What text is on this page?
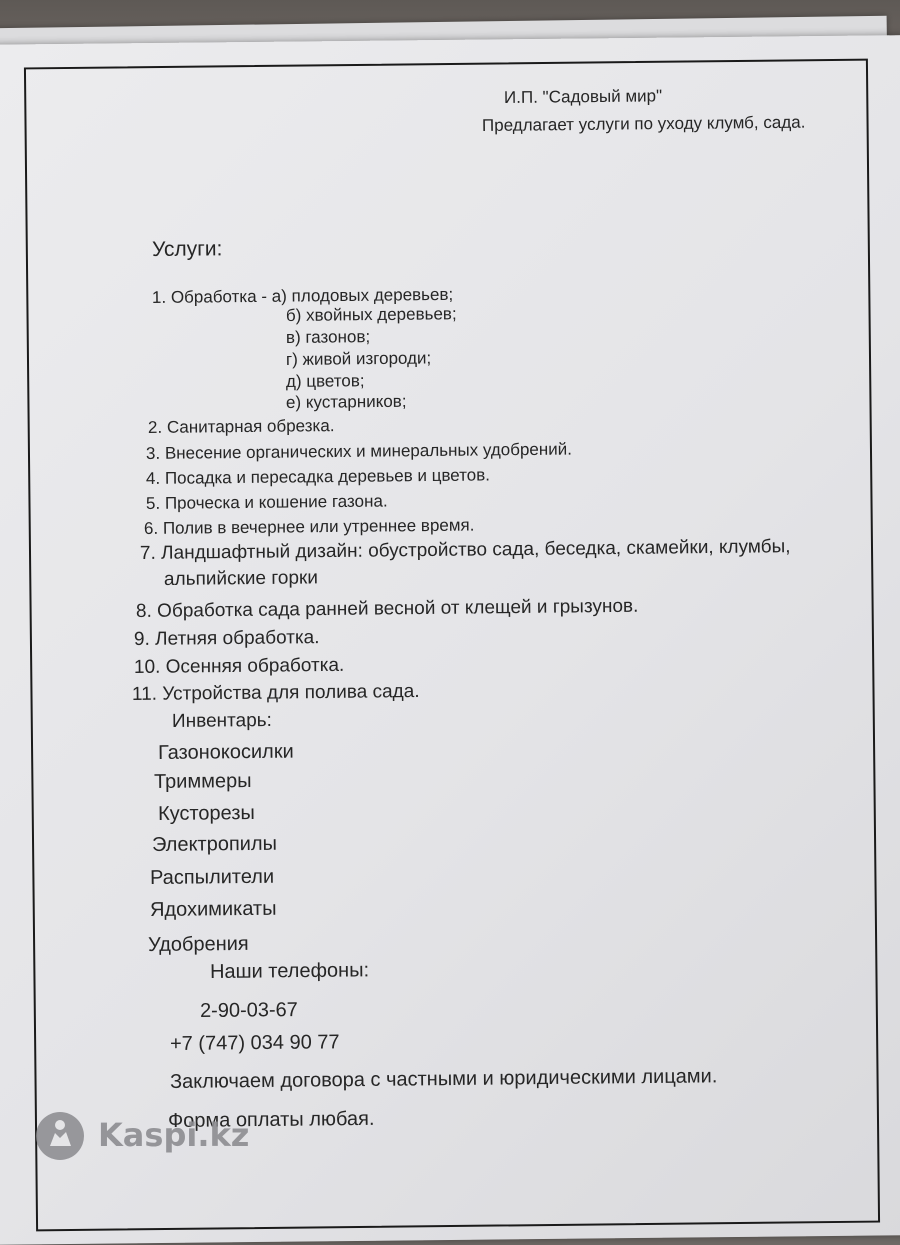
И.П. "Садовый мир"
Предлагает услуги по уходу клумб, сада.
Услуги:
1. Обработка - а) плодовых деревьев;
б) хвойных деревьев;
в) газонов;
г) живой изгороди;
д) цветов;
е) кустарников;
2. Санитарная обрезка.
3. Внесение органических и минеральных удобрений.
4. Посадка и пересадка деревьев и цветов.
5. Проческа и кошение газона.
6. Полив в вечернее или утреннее время.
7. Ландшафтный дизайн: обустройство сада, беседка, скамейки, клумбы,
альпийские горки
8. Обработка сада ранней весной от клещей и грызунов.
9. Летняя обработка.
10. Осенняя обработка.
11. Устройства для полива сада.
Инвентарь:
Газонокосилки
Триммеры
Кусторезы
Электропилы
Распылители
Ядохимикаты
Удобрения
Наши телефоны:
2-90-03-67
+7 (747) 034 90 77
Заключаем договора с частными и юридическими лицами.
Форма оплаты любая.
Kaspi.kz
